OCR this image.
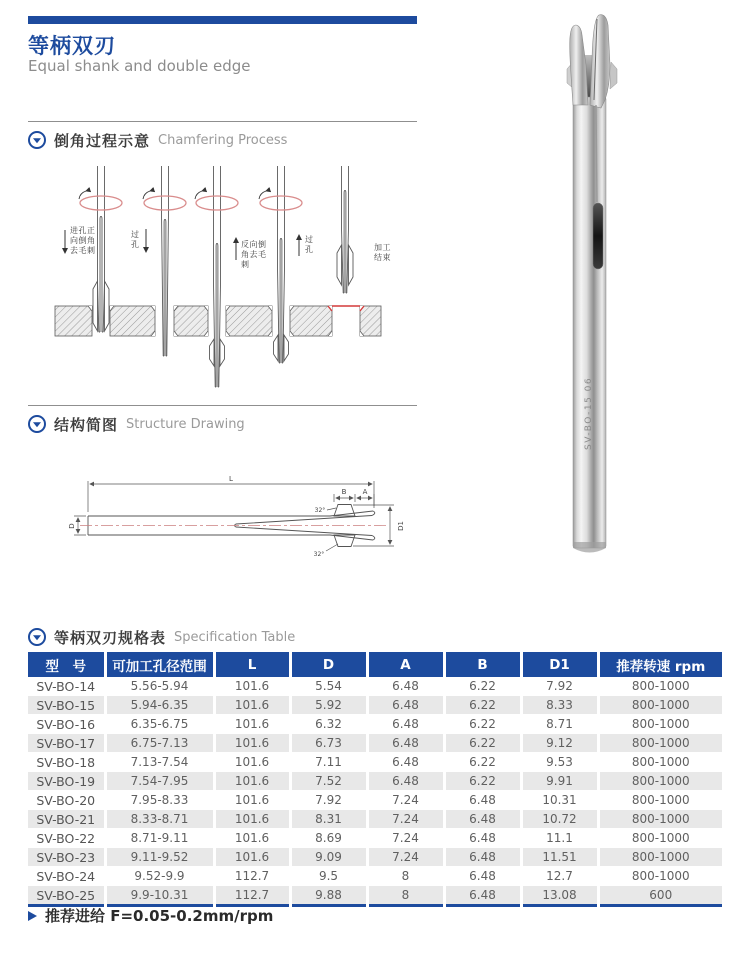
等柄双刃
Equal shank and double edge
倒角过程示意 Chamfering Process
进孔正向倒角去毛刺
过孔	反向倒角去毛刺
过孔	加工结束
结构简图 Structure Drawing
L
B A
D	D1
32°
32°
SV-BO-15 06
等柄双刃规格表 Specification Table
型　号	可加工孔径范围	L	D	A	B	D1	推荐转速 rpm
SV-BO-14	5.56-5.94	101.6	5.54	6.48	6.22	7.92	800-1000
SV-BO-15	5.94-6.35	101.6	5.92	6.48	6.22	8.33	800-1000
SV-BO-16	6.35-6.75	101.6	6.32	6.48	6.22	8.71	800-1000
SV-BO-17	6.75-7.13	101.6	6.73	6.48	6.22	9.12	800-1000
SV-BO-18	7.13-7.54	101.6	7.11	6.48	6.22	9.53	800-1000
SV-BO-19	7.54-7.95	101.6	7.52	6.48	6.22	9.91	800-1000
SV-BO-20	7.95-8.33	101.6	7.92	7.24	6.48	10.31	800-1000
SV-BO-21	8.33-8.71	101.6	8.31	7.24	6.48	10.72	800-1000
SV-BO-22	8.71-9.11	101.6	8.69	7.24	6.48	11.1	800-1000
SV-BO-23	9.11-9.52	101.6	9.09	7.24	6.48	11.51	800-1000
SV-BO-24	9.52-9.9	112.7	9.5	8	6.48	12.7	800-1000
SV-BO-25	9.9-10.31	112.7	9.88	8	6.48	13.08	600
推荐进给 F=0.05-0.2mm/rpm
